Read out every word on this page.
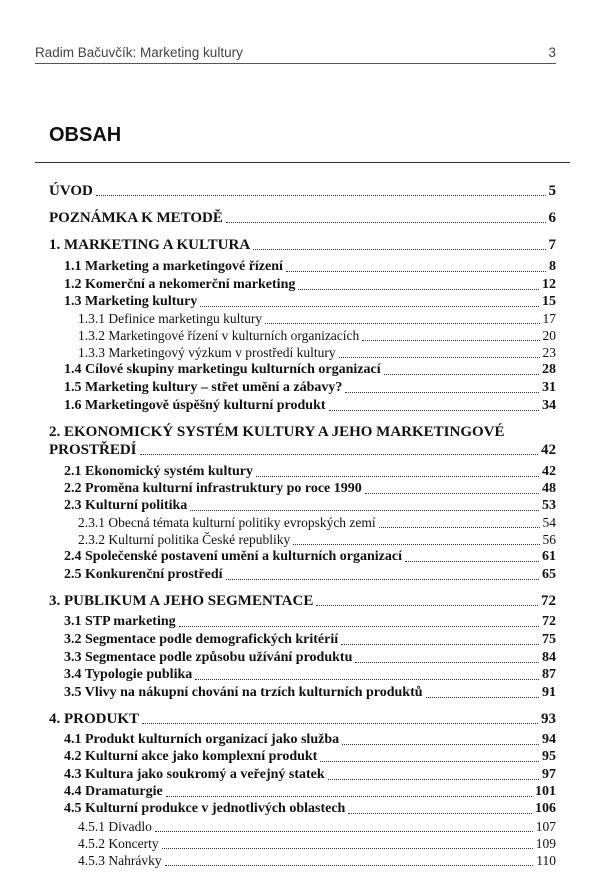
Radim Bačuvčík: Marketing kultury	3
OBSAH
ÚVOD	5
POZNÁMKA K METODĚ	6
1. MARKETING A KULTURA	7
1.1 Marketing a marketingové řízení	8
1.2 Komerční a nekomerční marketing	12
1.3 Marketing kultury	15
1.3.1 Definice marketingu kultury	17
1.3.2 Marketingové řízení v kulturních organizacích	20
1.3.3 Marketingový výzkum v prostředí kultury	23
1.4 Cílové skupiny marketingu kulturních organizací	28
1.5 Marketing kultury – střet umění a zábavy?	31
1.6 Marketingově úspěšný kulturní produkt	34
2. EKONOMICKÝ SYSTÉM KULTURY A JEHO MARKETINGOVÉ
PROSTŘEDÍ	42
2.1 Ekonomický systém kultury	42
2.2 Proměna kulturní infrastruktury po roce 1990	48
2.3 Kulturní politika	53
2.3.1 Obecná témata kulturní politiky evropských zemí	54
2.3.2 Kulturní politika České republiky	56
2.4 Společenské postavení umění a kulturních organizací	61
2.5 Konkurenční prostředí	65
3. PUBLIKUM A JEHO SEGMENTACE	72
3.1 STP marketing	72
3.2 Segmentace podle demografických kritérií	75
3.3 Segmentace podle způsobu užívání produktu	84
3.4 Typologie publika	87
3.5 Vlivy na nákupní chování na trzích kulturních produktů	91
4. PRODUKT	93
4.1 Produkt kulturních organizací jako služba	94
4.2 Kulturní akce jako komplexní produkt	95
4.3 Kultura jako soukromý a veřejný statek	97
4.4 Dramaturgie	101
4.5 Kulturní produkce v jednotlivých oblastech	106
4.5.1 Divadlo	107
4.5.2 Koncerty	109
4.5.3 Nahrávky	110
